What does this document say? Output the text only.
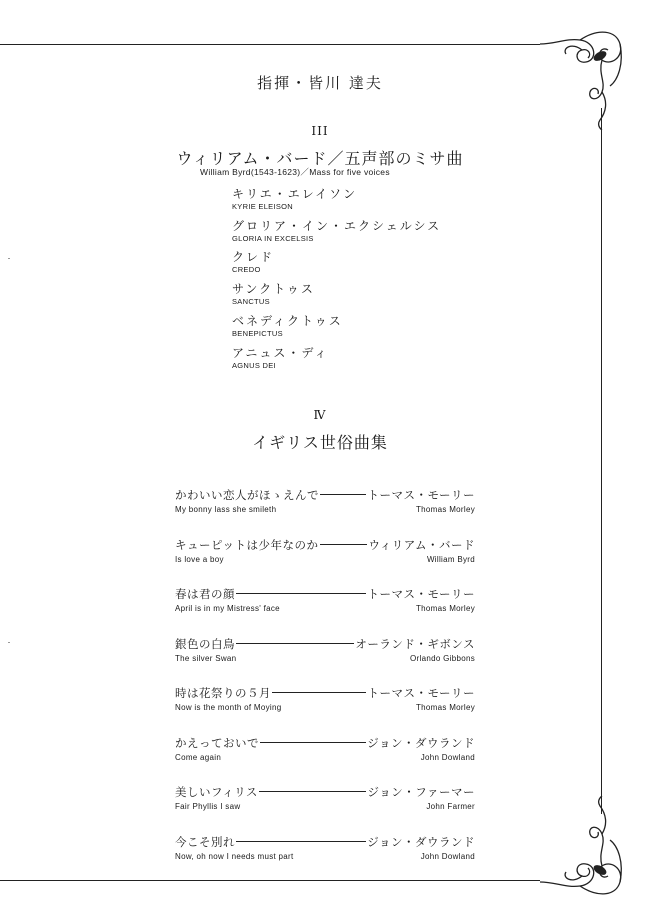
指揮・皆川 達夫
III
ウィリアム・バード／五声部のミサ曲
William Byrd(1543-1623)／Mass for five voices
キリエ・エレイソン
KYRIE ELEISON
グロリア・イン・エクシェルシス
GLORIA IN EXCELSIS
クレド
CREDO
サンクトゥス
SANCTUS
ベネディクトゥス
BENEPICTUS
アニュス・ディ
AGNUS DEI
Ⅳ
イギリス世俗曲集
かわいい恋人がほゝえんで	トーマス・モーリー
My bonny lass she smileth	Thomas Morley
キューピットは少年なのか	ウィリアム・バード
Is love a boy	William Byrd
春は君の顔	トーマス・モーリー
April is in my Mistress' face	Thomas Morley
銀色の白鳥	オーランド・ギボンス
The silver Swan	Orlando Gibbons
時は花祭りの５月	トーマス・モーリー
Now is the month of Moying	Thomas Morley
かえっておいで	ジョン・ダウランド
Come again	John Dowland
美しいフィリス	ジョン・ファーマー
Fair Phyllis I saw	John Farmer
今こそ別れ	ジョン・ダウランド
Now, oh now I needs must part	John Dowland
